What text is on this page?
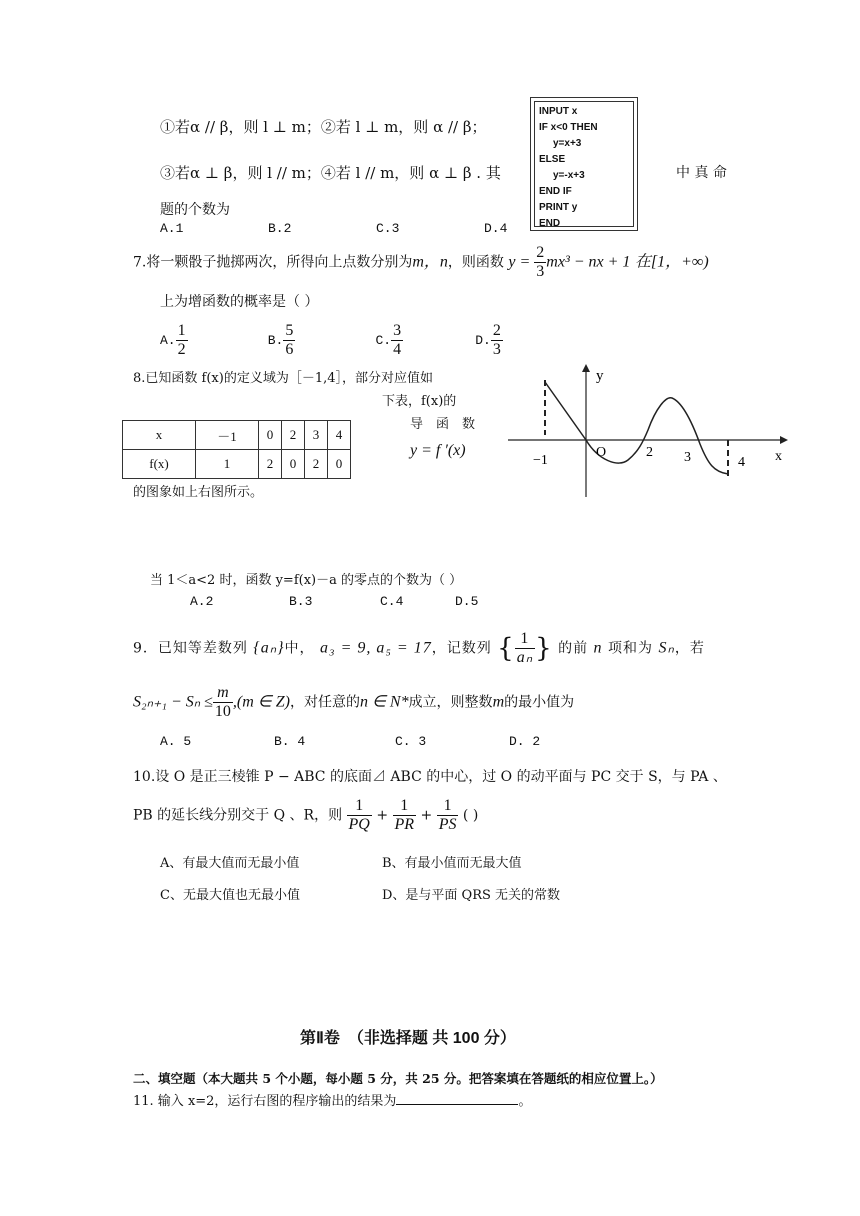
①若α // β，则 l ⊥ m；②若 l ⊥ m，则 α // β；
③若α ⊥ β，则 l // m；④若 l // m，则 α ⊥ β . 其	中 真 命
题的个数为
A.1	B.2	C.3	D.4
INPUT x
IF x<0 THEN
y=x+3
ELSE
y=-x+3
END IF
PRINT y
END
7.将一颗骰子抛掷两次，所得向上点数分别为m，n，则函数 $y = \frac{2}{3} mx^3$ − nx + 1 在[1，+∞)
上为增函数的概率是（ ）
A. $\frac{1}{2}$	B. $\frac{5}{6}$	C. $\frac{3}{4}$	D. $\frac{2}{3}$
8.已知函数 f(x)的定义域为［－1,4］，部分对应值如
下表，f(x)的
导　函　数
y = f ′(x)
x	－1	0	2	3	4
f(x)	1	2	0	2	0
的图象如上右图所示。
y
x
O
−1
2 3	4
当 1＜a<2 时，函数 y=f(x)－a 的零点的个数为（ ）
A.2	B.3	C.4	D.5
9．已知等差数列 {aₙ}中， a₃ = 9, a₅ = 17，记数列 { $\frac{1}{\text{aₙ}}$ } 的前 n 项和为 Sₙ，若
$S_{2n+1} - S_n \le \frac{m}{10} ,(m$ ∈ Z)，对任意的n ∈ N*成立，则整数m的最小值为
A. 5	B. 4	C. 3	D. 2
10.设 O 是正三棱锥 P − ABC 的底面⊿ ABC 的中心，过 O 的动平面与 PC 交于 S，与 PA 、
PB 的延长线分别交于 Q 、R，则 $\frac{1}{PQ} + \frac{1}{PR} + \frac{1}{PS}$ ( )
A、有最大值而无最小值	B、有最小值而无最大值
C、无最大值也无最小值	D、是与平面 QRS 无关的常数
第Ⅱ卷　（非选择题 共 100 分）
二、填空题（本大题共 5 个小题，每小题 5 分，共 25 分。把答案填在答题纸的相应位置上。）
11. 输入 x=2，运行右图的程序输出的结果为	。
